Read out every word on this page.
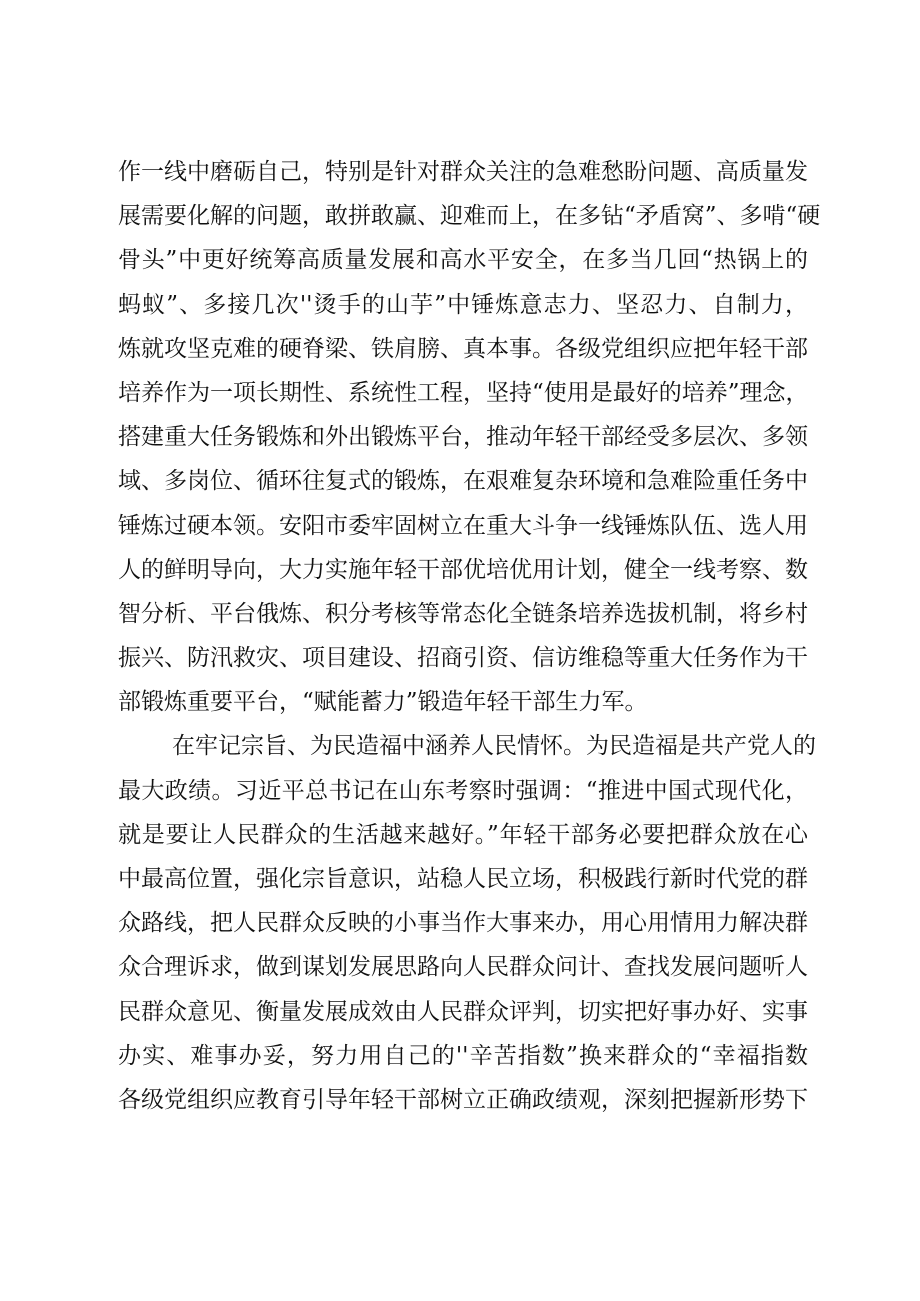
作一线中磨砺自己，特别是针对群众关注的急难愁盼问题、高质量发
展需要化解的问题，敢拼敢赢、迎难而上，在多钻“矛盾窝”、多啃“硬
骨头”中更好统筹高质量发展和高水平安全，在多当几回“热锅上的
蚂蚁”、多接几次''烫手的山芋”中锤炼意志力、坚忍力、自制力，
炼就攻坚克难的硬脊梁、铁肩膀、真本事。各级党组织应把年轻干部
培养作为一项长期性、系统性工程，坚持“使用是最好的培养”理念，
搭建重大任务锻炼和外出锻炼平台，推动年轻干部经受多层次、多领
域、多岗位、循环往复式的锻炼，在艰难复杂环境和急难险重任务中
锤炼过硬本领。安阳市委牢固树立在重大斗争一线锤炼队伍、选人用
人的鲜明导向，大力实施年轻干部优培优用计划，健全一线考察、数
智分析、平台俄炼、积分考核等常态化全链条培养选拔机制，将乡村
振兴、防汛救灾、项目建设、招商引资、信访维稳等重大任务作为干
部锻炼重要平台，“赋能蓄力”锻造年轻干部生力军。
在牢记宗旨、为民造福中涵养人民情怀。为民造福是共产党人的
最大政绩。习近平总书记在山东考察时强调：“推进中国式现代化，
就是要让人民群众的生活越来越好。”年轻干部务必要把群众放在心
中最高位置，强化宗旨意识，站稳人民立场，积极践行新时代党的群
众路线，把人民群众反映的小事当作大事来办，用心用情用力解决群
众合理诉求，做到谋划发展思路向人民群众问计、查找发展问题听人
民群众意见、衡量发展成效由人民群众评判，切实把好事办好、实事
办实、难事办妥，努力用自己的''辛苦指数”换来群众的“幸福指数
各级党组织应教育引导年轻干部树立正确政绩观，深刻把握新形势下
